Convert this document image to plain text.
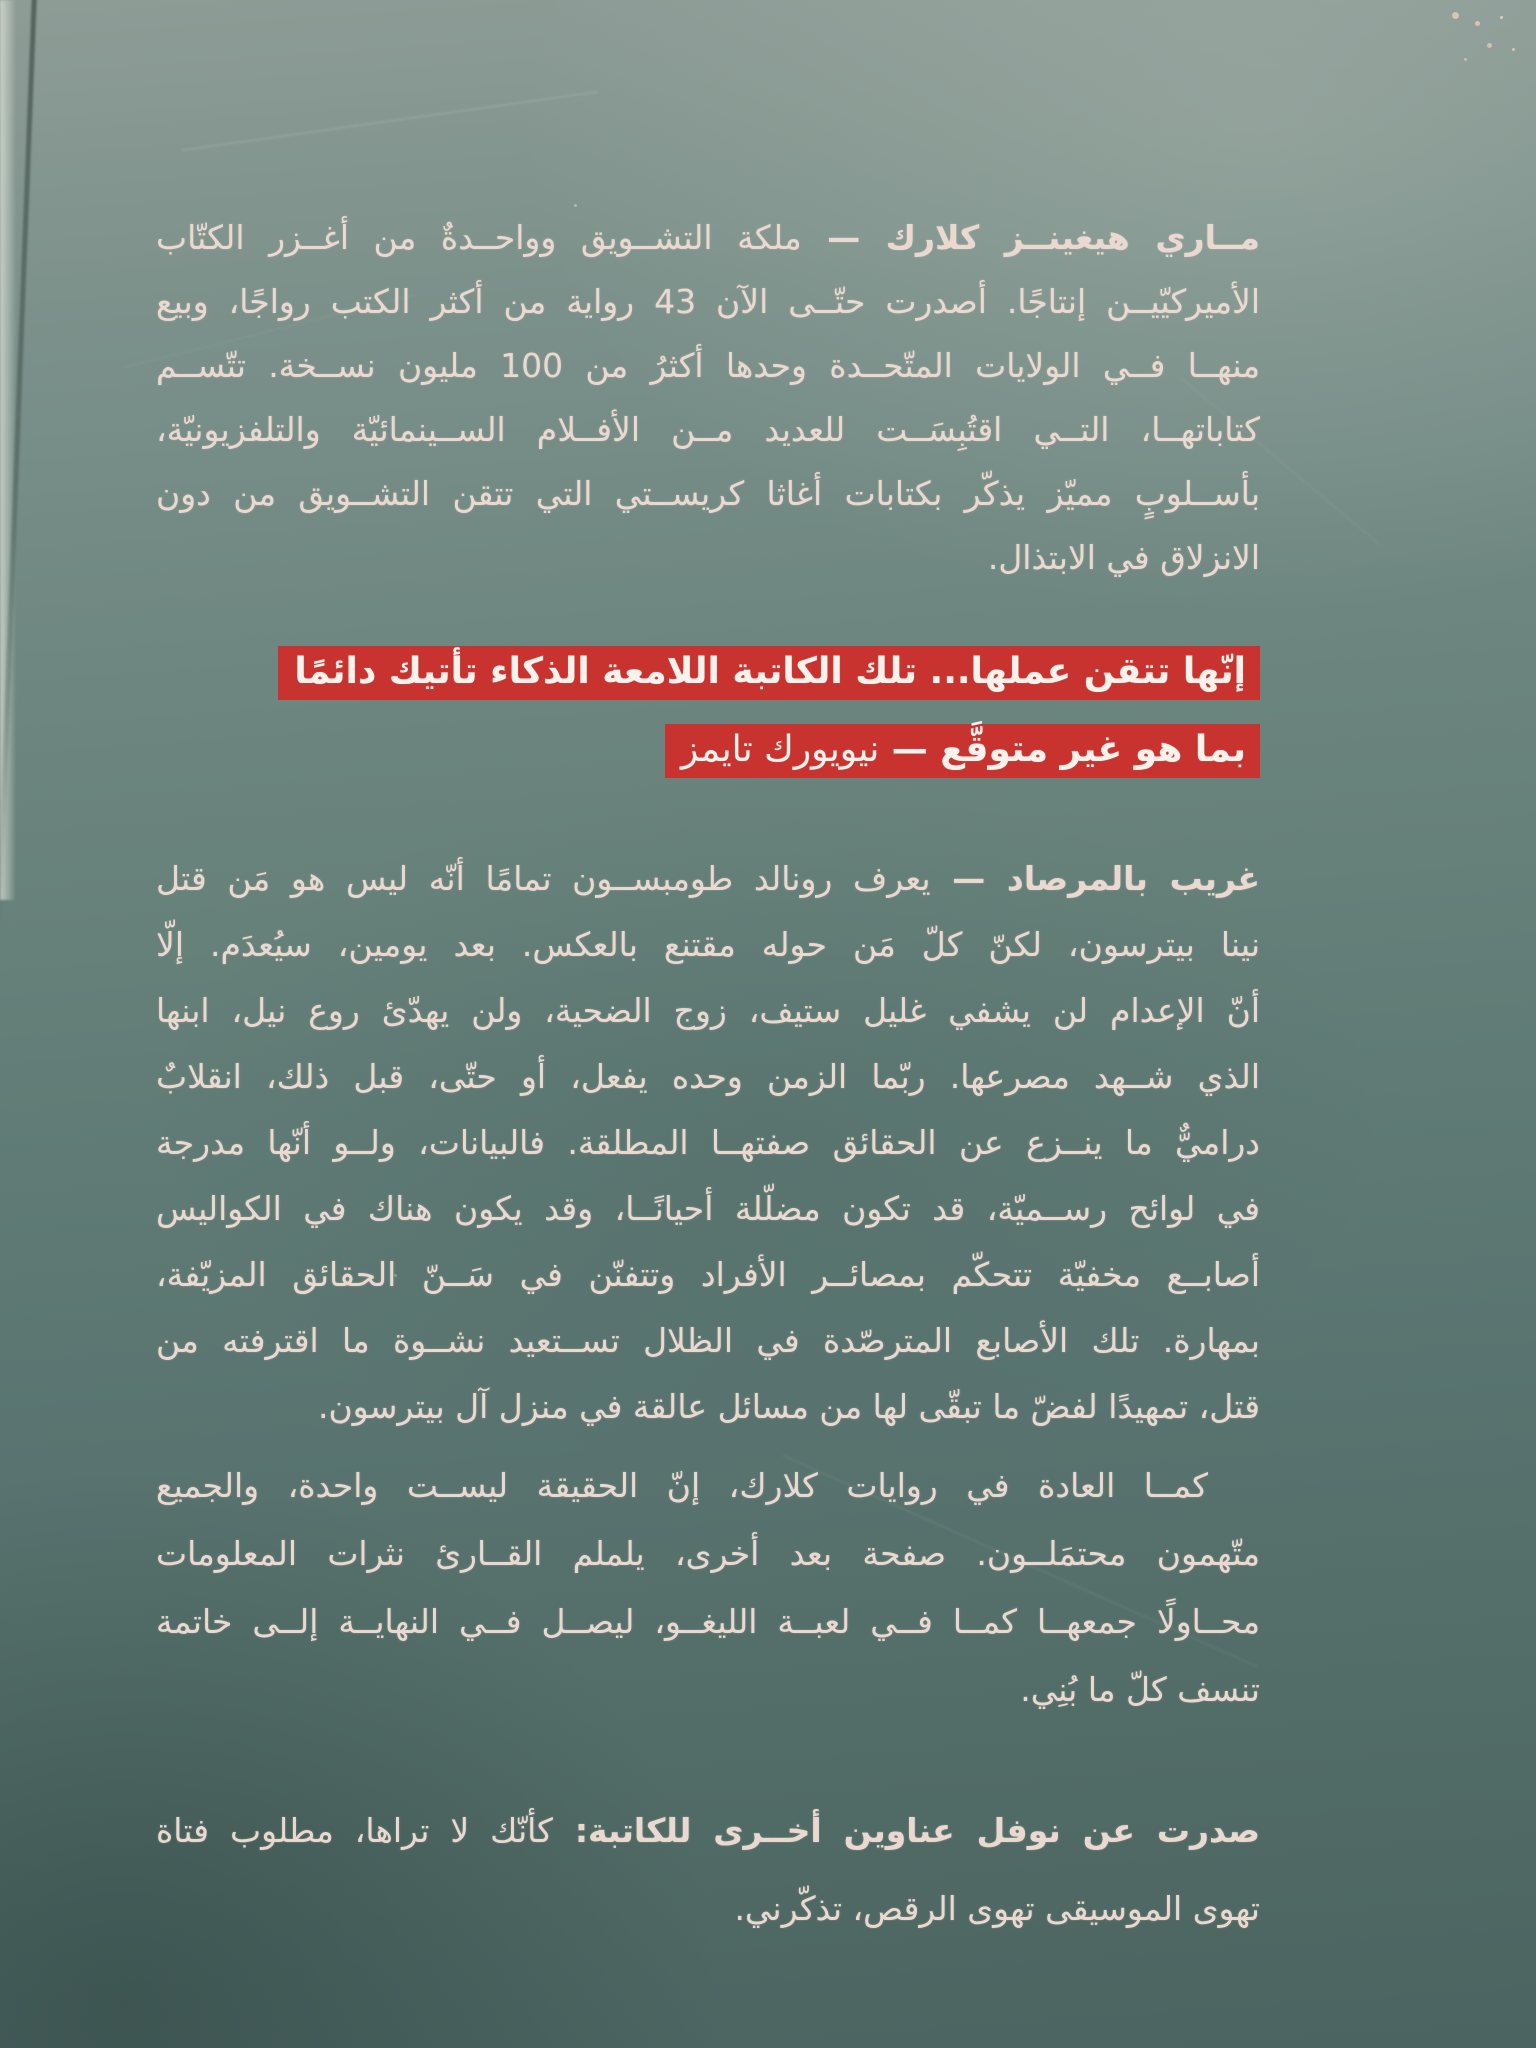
مــاري هيغينــز كلارك — ملكة التشــويق وواحــدةٌ من أغــزر الكتّاب
الأميركيّيــن إنتاجًا. أصدرت حتّــى الآن 43 رواية من أكثر الكتب رواجًا، وبيع
منهــا فــي الولايات المتّحــدة وحدها أكثرُ من 100 مليون نســخة. تتّســم
كتاباتهــا، التــي اقتُبِسَــت للعديد مــن الأفــلام الســينمائيّة والتلفزيونيّة،
بأســلوبٍ مميّز يذكّر بكتابات أغاثا كريســتي التي تتقن التشــويق من دون
الانزلاق في الابتذال.
إنّها تتقن عملها... تلك الكاتبة اللامعة الذكاء تأتيك دائمًا
بما هو غير متوقَّع — نيويورك تايمز
غريب بالمرصاد — يعرف رونالد طومبســون تمامًا أنّه ليس هو مَن قتل
نينا بيترسون، لكنّ كلّ مَن حوله مقتنع بالعكس. بعد يومين، سيُعدَم. إلّا
أنّ الإعدام لن يشفي غليل ستيف، زوج الضحية، ولن يهدّئ روع نيل، ابنها
الذي شــهد مصرعها. ربّما الزمن وحده يفعل، أو حتّى، قبل ذلك، انقلابٌ
دراميٌّ ما ينــزع عن الحقائق صفتهــا المطلقة. فالبيانات، ولــو أنّها مدرجة
في لوائح رســميّة، قد تكون مضلّلة أحيانًــا، وقد يكون هناك في الكواليس
أصابــع مخفيّة تتحكّم بمصائــر الأفراد وتتفنّن في سَــنّ الحقائق المزيّفة،
بمهارة. تلك الأصابع المترصّدة في الظلال تســتعيد نشــوة ما اقترفته من
قتل، تمهيدًا لفضّ ما تبقّى لها من مسائل عالقة في منزل آل بيترسون.
كمــا العادة في روايات كلارك، إنّ الحقيقة ليســت واحدة، والجميع
متّهمون محتمَلــون. صفحة بعد أخرى، يلملم القــارئ نثرات المعلومات
محــاولًا جمعهــا كمــا فــي لعبــة الليغــو، ليصــل فــي النهايــة إلــى خاتمة
تنسف كلّ ما بُنِي.
صدرت عن نوفل عناوين أخــرى للكاتبة: كأنّك لا تراها، مطلوب فتاة
تهوى الموسيقى تهوى الرقص، تذكّرني.
